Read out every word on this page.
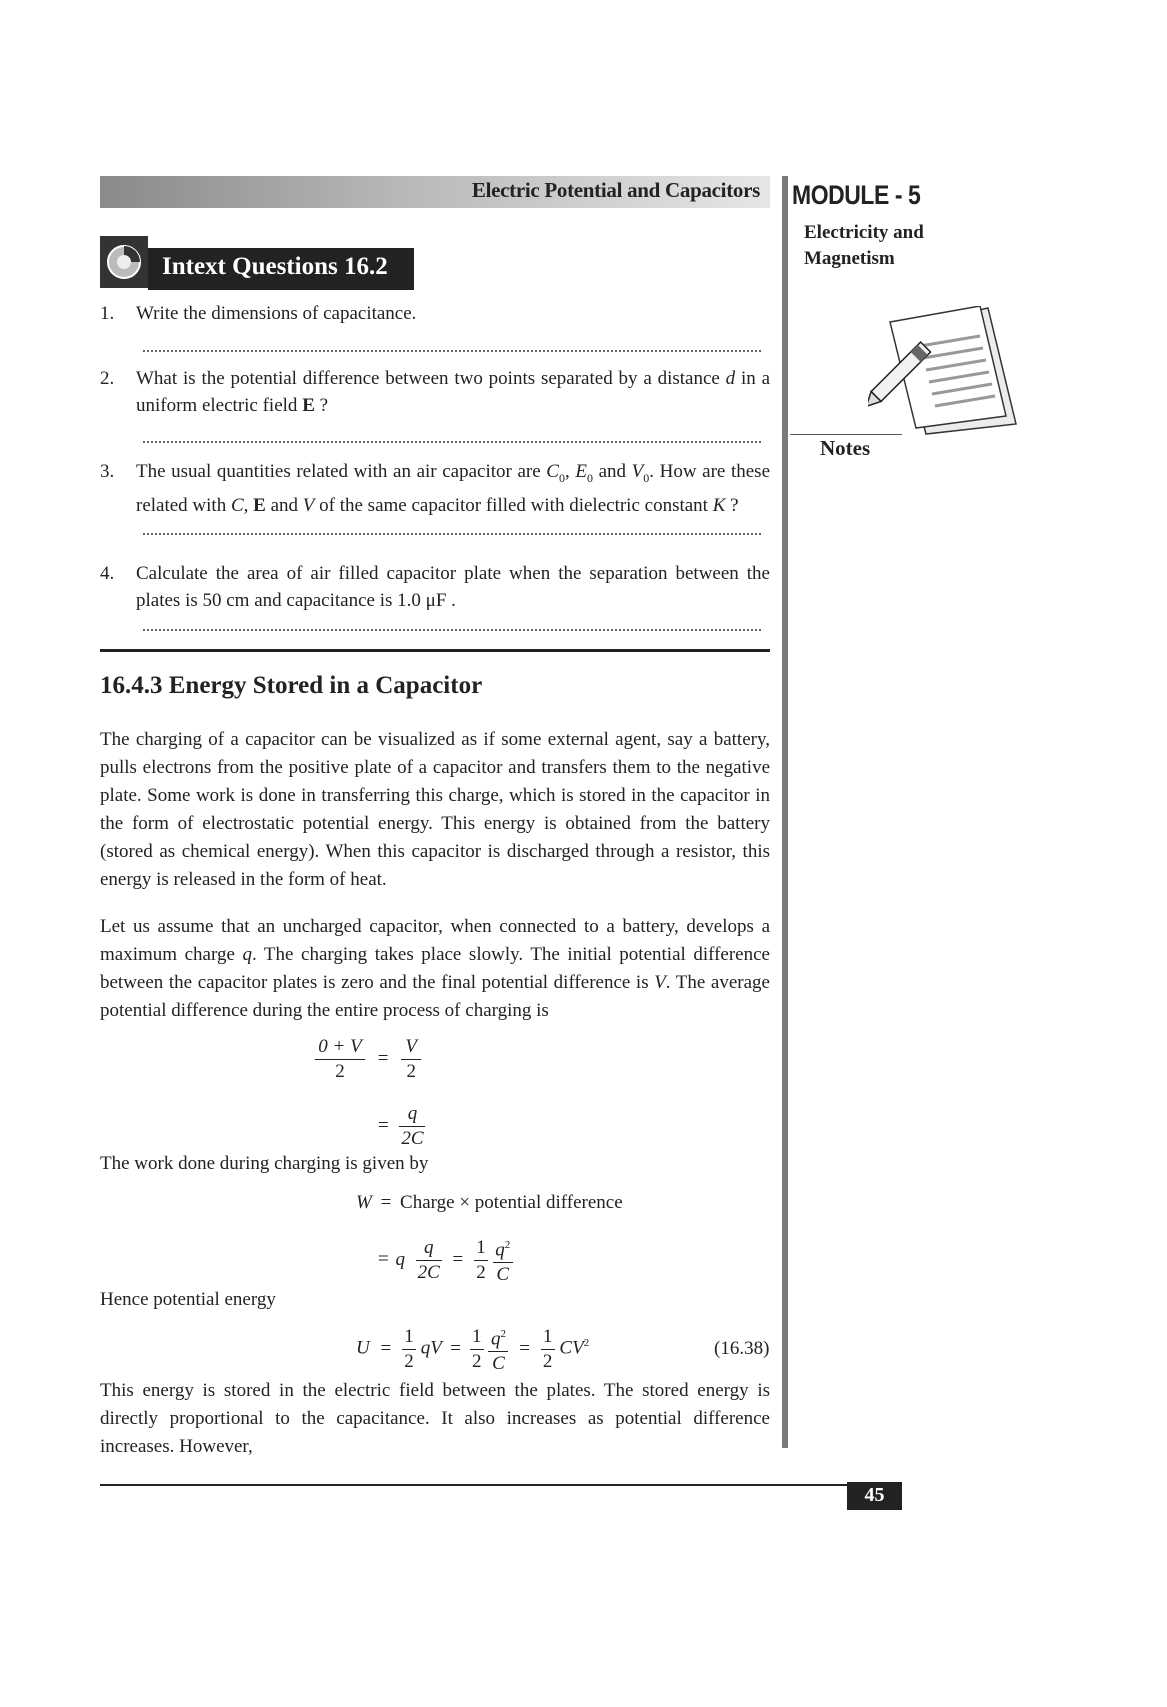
Electric Potential and Capacitors MODULE - 5
Electricity and
Magnetism
Notes
Intext Questions 16.2
1. Write the dimensions of capacitance.
2. What is the potential difference between two points separated by a distance d in a uniform electric field E ?
3. The usual quantities related with an air capacitor are $C_0$, $E_0$ and $V_0$. How are these related with C, E and V of the same capacitor filled with dielectric constant K ?
4. Calculate the area of air filled capacitor plate when the separation between the plates is 50 cm and capacitance is 1.0 μF .
16.4.3 Energy Stored in a Capacitor
The charging of a capacitor can be visualized as if some external agent, say a battery, pulls electrons from the positive plate of a capacitor and transfers them to the negative plate. Some work is done in transferring this charge, which is stored in the capacitor in the form of electrostatic potential energy. This energy is obtained from the battery (stored as chemical energy). When this capacitor is discharged through a resistor, this energy is released in the form of heat.
Let us assume that an uncharged capacitor, when connected to a battery, develops a maximum charge q. The charging takes place slowly. The initial potential difference between the capacitor plates is zero and the final potential difference is V. The average potential difference during the entire process of charging is
$\frac{0 + V}{2} = \frac{V}{2}$
= $\frac{q}{2C}$
The work done during charging is given by
W = Charge × potential difference
= q $\frac{q}{2C} = \frac{1}{2}$
$\frac{q^2}{C}$
Hence potential energy
$U = \frac{1}{2}$ qV = $\frac{1}{2}$
$\frac{q^2}{C} = \frac{1}{2} CV^2$	(16.38)
This energy is stored in the electric field between the plates. The stored energy is directly proportional to the capacitance. It also increases as potential difference increases. However,
45
